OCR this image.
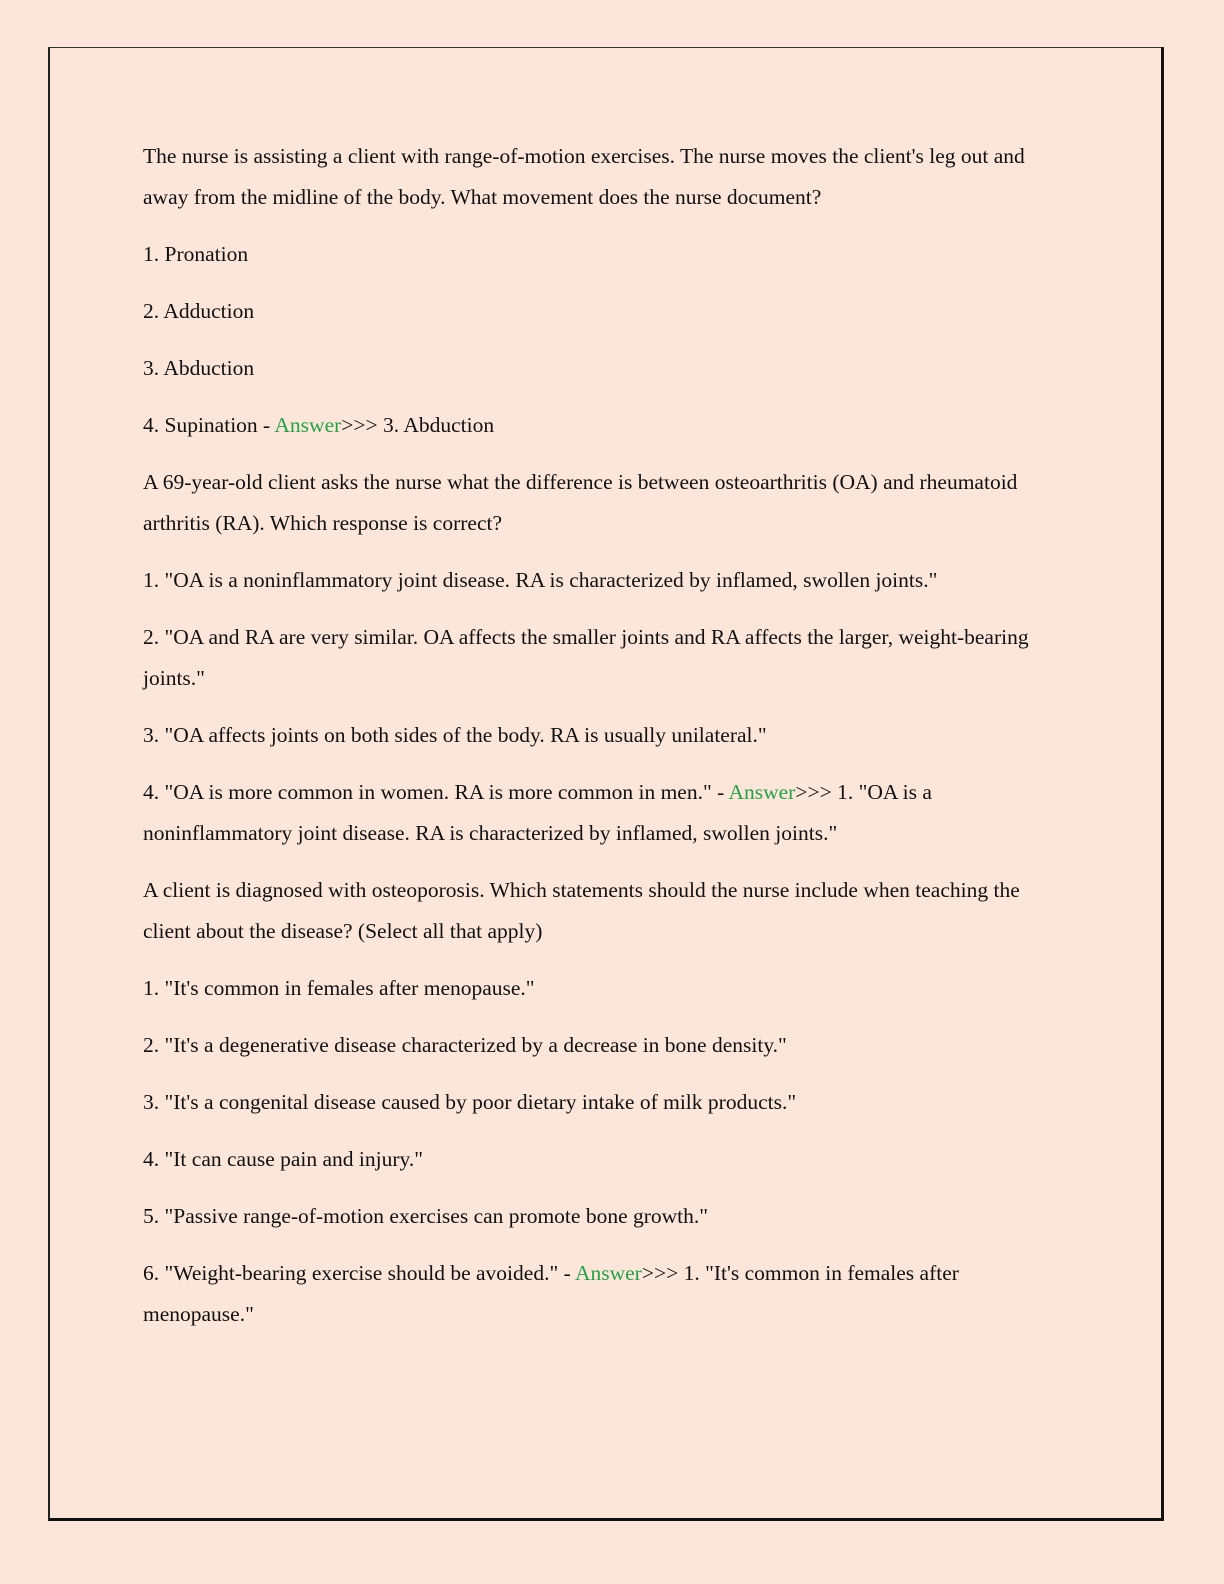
The nurse is assisting a client with range-of-motion exercises. The nurse moves the client's leg out and away from the midline of the body. What movement does the nurse document?

1. Pronation

2. Adduction

3. Abduction

4. Supination - Answer>>> 3. Abduction

A 69-year-old client asks the nurse what the difference is between osteoarthritis (OA) and rheumatoid arthritis (RA). Which response is correct?

1. "OA is a noninflammatory joint disease. RA is characterized by inflamed, swollen joints."

2. "OA and RA are very similar. OA affects the smaller joints and RA affects the larger, weight-bearing joints."

3. "OA affects joints on both sides of the body. RA is usually unilateral."

4. "OA is more common in women. RA is more common in men." - Answer>>> 1. "OA is a noninflammatory joint disease. RA is characterized by inflamed, swollen joints."

A client is diagnosed with osteoporosis. Which statements should the nurse include when teaching the client about the disease? (Select all that apply)

1. "It's common in females after menopause."

2. "It's a degenerative disease characterized by a decrease in bone density."

3. "It's a congenital disease caused by poor dietary intake of milk products."

4. "It can cause pain and injury."

5. "Passive range-of-motion exercises can promote bone growth."

6. "Weight-bearing exercise should be avoided." - Answer>>> 1. "It's common in females after menopause."
